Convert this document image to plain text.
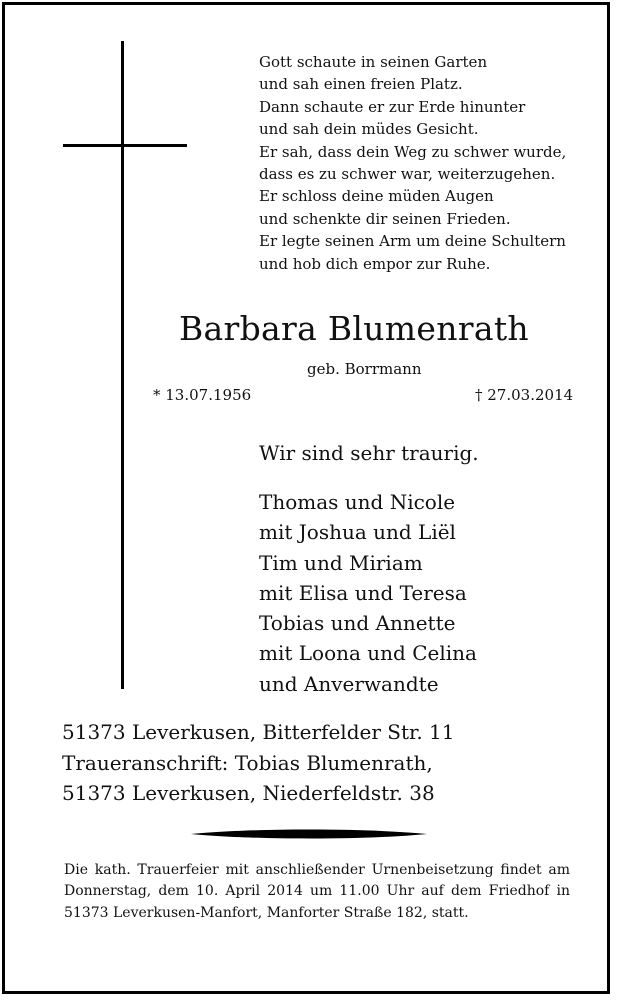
Gott schaute in seinen Garten
und sah einen freien Platz.
Dann schaute er zur Erde hinunter
und sah dein müdes Gesicht.
Er sah, dass dein Weg zu schwer wurde,
dass es zu schwer war, weiterzugehen.
Er schloss deine müden Augen
und schenkte dir seinen Frieden.
Er legte seinen Arm um deine Schultern
und hob dich empor zur Ruhe.
Barbara Blumenrath
geb. Borrmann
* 13.07.1956	† 27.03.2014
Wir sind sehr traurig.
Thomas und Nicole
mit Joshua und Liël
Tim und Miriam
mit Elisa und Teresa
Tobias und Annette
mit Loona und Celina
und Anverwandte
51373 Leverkusen, Bitterfelder Str. 11
Traueranschrift: Tobias Blumenrath,
51373 Leverkusen, Niederfeldstr. 38
Die kath. Trauerfeier mit anschließender Urnenbeisetzung findet am Donnerstag, dem 10. April 2014 um 11.00 Uhr auf dem Friedhof in 51373 Leverkusen-Manfort, Manforter Straße 182, statt.
